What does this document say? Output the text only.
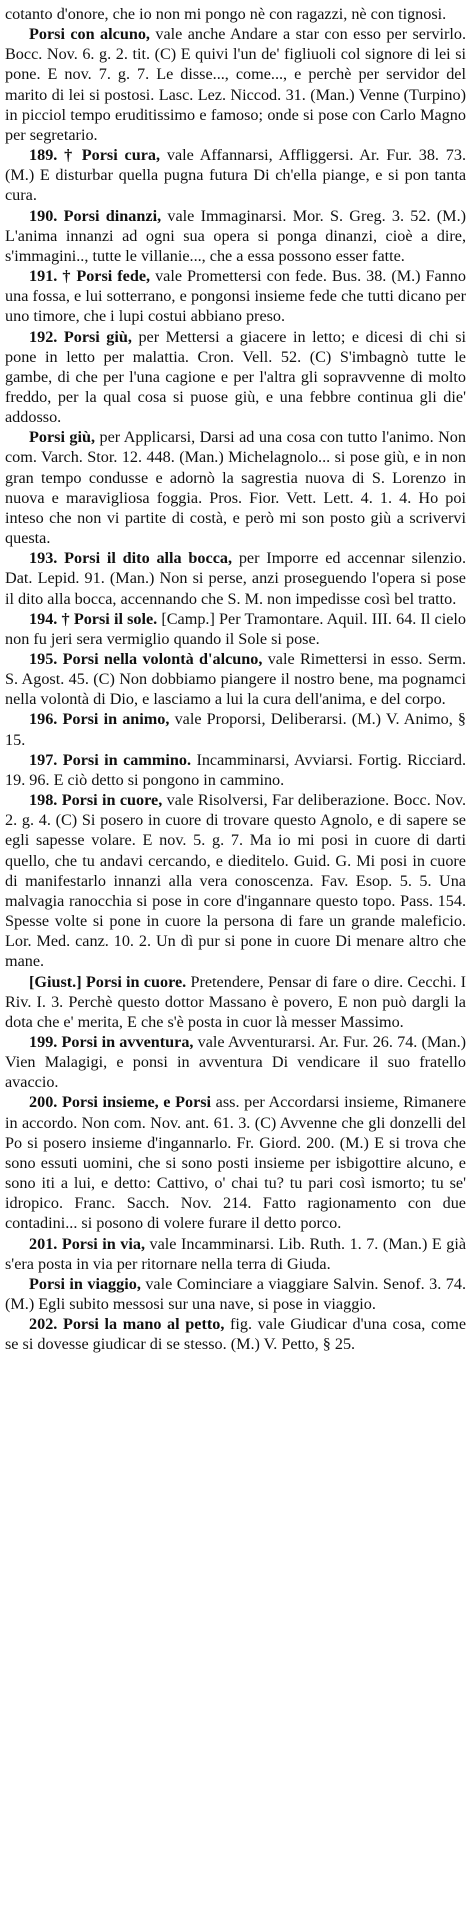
cotanto d'onore, che io non mi pongo nè con ragazzi, nè con tignosi.

Porsi con alcuno, vale anche Andare a star con esso per servirlo. Bocc. Nov. 6. g. 2. tit. (C) E quivi l'un de' figliuoli col signore di lei si pone. E nov. 7. g. 7. Le disse..., come..., e perchè per servidor del marito di lei si postosi. Lasc. Lez. Niccod. 31. (Man.) Venne (Turpino) in picciol tempo eruditissimo e famoso; onde si pose con Carlo Magno per segretario.

189. † Porsi cura, vale Affannarsi, Affliggersi. Ar. Fur. 38. 73. (M.) E disturbar quella pugna futura Di ch'ella piange, e si pon tanta cura.

190. Porsi dinanzi, vale Immaginarsi. Mor. S. Greg. 3. 52. (M.) L'anima innanzi ad ogni sua opera si ponga dinanzi, cioè a dire, s'immagini.., tutte le villanie..., che a essa possono esser fatte.

191. † Porsi fede, vale Promettersi con fede. Bus. 38. (M.) Fanno una fossa, e lui sotterrano, e pongonsi insieme fede che tutti dicano per uno timore, che i lupi costui abbiano preso.

192. Porsi giù, per Mettersi a giacere in letto; e dicesi di chi si pone in letto per malattia. Cron. Vell. 52. (C) S'imbagnò tutte le gambe, di che per l'una cagione e per l'altra gli sopravvenne di molto freddo, per la qual cosa si puose giù, e una febbre continua gli die' addosso.

Porsi giù, per Applicarsi, Darsi ad una cosa con tutto l'animo. Non com. Varch. Stor. 12. 448. (Man.) Michelagnolo... si pose giù, e in non gran tempo condusse e adornò la sagrestia nuova di S. Lorenzo in nuova e maravigliosa foggia. Pros. Fior. Vett. Lett. 4. 1. 4. Ho poi inteso che non vi partite di costà, e però mi son posto giù a scrivervi questa.

193. Porsi il dito alla bocca, per Imporre ed accennar silenzio. Dat. Lepid. 91. (Man.) Non si perse, anzi proseguendo l'opera si pose il dito alla bocca, accennando che S. M. non impedisse così bel tratto.

194. † Porsi il sole. [Camp.] Per Tramontare. Aquil. III. 64. Il cielo non fu jeri sera vermiglio quando il Sole si pose.

195. Porsi nella volontà d'alcuno, vale Rimettersi in esso. Serm. S. Agost. 45. (C) Non dobbiamo piangere il nostro bene, ma pognamci nella volontà di Dio, e lasciamo a lui la cura dell'anima, e del corpo.

196. Porsi in animo, vale Proporsi, Deliberarsi. (M.) V. Animo, § 15.

197. Porsi in cammino. Incamminarsi, Avviarsi. Fortig. Ricciard. 19. 96. E ciò detto si pongono in cammino.

198. Porsi in cuore, vale Risolversi, Far deliberazione. Bocc. Nov. 2. g. 4. (C) Si posero in cuore di trovare questo Agnolo, e di sapere se egli sapesse volare. E nov. 5. g. 7. Ma io mi posi in cuore di darti quello, che tu andavi cercando, e dieditelo. Guid. G. Mi posi in cuore di manifestarlo innanzi alla vera conoscenza. Fav. Esop. 5. 5. Una malvagia ranocchia si pose in core d'ingannare questo topo. Pass. 154. Spesse volte si pone in cuore la persona di fare un grande maleficio. Lor. Med. canz. 10. 2. Un dì pur si pone in cuore Di menare altro che mane.

[Giust.] Porsi in cuore. Pretendere, Pensar di fare o dire. Cecchi. I Riv. I. 3. Perchè questo dottor Massano è povero, E non può dargli la dota che e' merita, E che s'è posta in cuor là messer Massimo.

199. Porsi in avventura, vale Avventurarsi. Ar. Fur. 26. 74. (Man.) Vien Malagigi, e ponsi in avventura Di vendicare il suo fratello avaccio.

200. Porsi insieme, e Porsi ass. per Accordarsi insieme, Rimanere in accordo. Non com. Nov. ant. 61. 3. (C) Avvenne che gli donzelli del Po si posero insieme d'ingannarlo. Fr. Giord. 200. (M.) E si trova che sono essuti uomini, che si sono posti insieme per isbigottire alcuno, e sono iti a lui, e detto: Cattivo, o' chai tu? tu pari così ismorto; tu se' idropico. Franc. Sacch. Nov. 214. Fatto ragionamento con due contadini... si posono di volere furare il detto porco.

201. Porsi in via, vale Incamminarsi. Lib. Ruth. 1. 7. (Man.) E già s'era posta in via per ritornare nella terra di Giuda.

Porsi in viaggio, vale Cominciare a viaggiare Salvin. Senof. 3. 74. (M.) Egli subito messosi sur una nave, si pose in viaggio.

202. Porsi la mano al petto, fig. vale Giudicar d'una cosa, come se si dovesse giudicar di se stesso. (M.) V. Petto, § 25.
